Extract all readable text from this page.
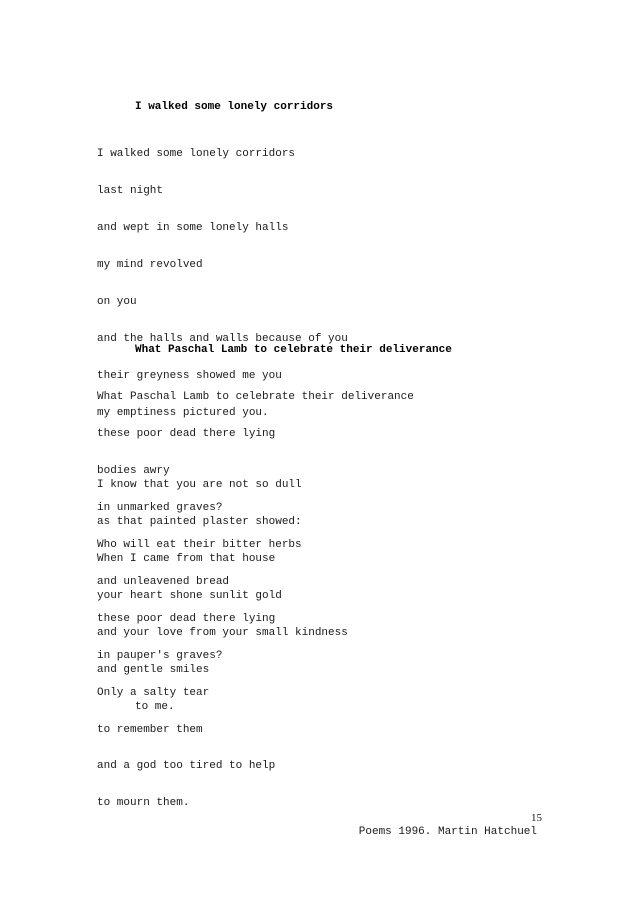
I walked some lonely corridors

I walked some lonely corridors

last night

and wept in some lonely halls

my mind revolved

on you

and the halls and walls because of you

their greyness showed me you

my emptiness pictured you.

I know that you are not so dull

as that painted plaster showed:

When I came from that house

your heart shone sunlit gold

and your love from your small kindness

and gentle smiles

to me.

What Paschal Lamb to celebrate their deliverance

What Paschal Lamb to celebrate their deliverance

these poor dead there lying

bodies awry

in unmarked graves?

Who will eat their bitter herbs

and unleavened bread

these poor dead there lying

in pauper's graves?

Only a salty tear

to remember them

and a god too tired to help

to mourn them.

15
Poems 1996. Martin Hatchuel
